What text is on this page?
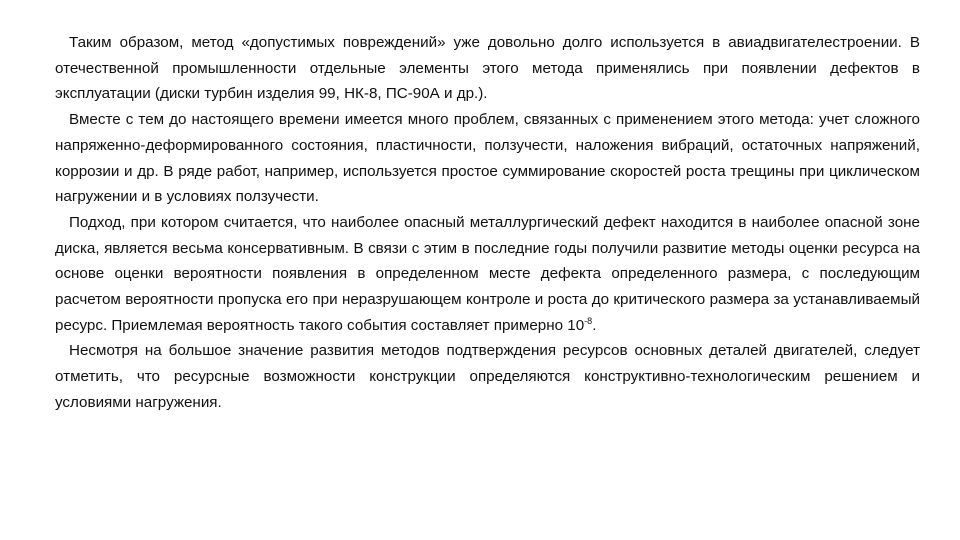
Таким образом, метод «допустимых повреждений» уже довольно долго используется в авиадвигателестроении. В отечественной промышленности отдельные элементы этого метода применялись при появлении дефектов в эксплуатации (диски турбин изделия 99, НК-8, ПС-90А и др.).

Вместе с тем до настоящего времени имеется много проблем, связанных с применением этого метода: учет сложного напряженно-деформированного состояния, пластичности, ползучести, наложения вибраций, остаточных напряжений, коррозии и др. В ряде работ, например, используется простое суммирование скоростей роста трещины при циклическом нагружении и в условиях ползучести.

Подход, при котором считается, что наиболее опасный металлургический дефект находится в наиболее опасной зоне диска, является весьма консервативным. В связи с этим в последние годы получили развитие методы оценки ресурса на основе оценки вероятности появления в определенном месте дефекта определенного размера, с последующим расчетом вероятности пропуска его при неразрушающем контроле и роста до критического размера за устанавливаемый ресурс. Приемлемая вероятность такого события составляет примерно $10^{-8}$.

Несмотря на большое значение развития методов подтверждения ресурсов основных деталей двигателей, следует отметить, что ресурсные возможности конструкции определяются конструктивно-технологическим решением и условиями нагружения.
